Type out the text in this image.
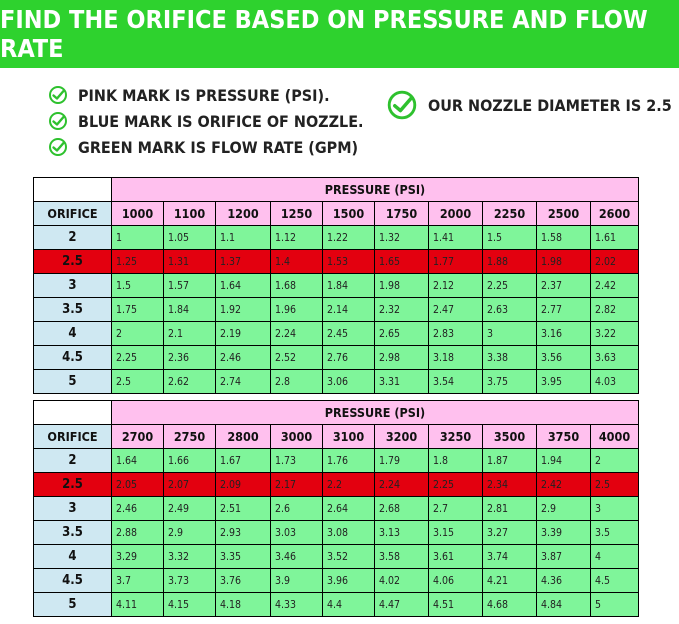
FIND THE ORIFICE BASED ON PRESSURE AND FLOW RATE
PINK MARK IS PRESSURE (PSI).
BLUE MARK IS ORIFICE OF NOZZLE.
GREEN MARK IS FLOW RATE (GPM)
OUR NOZZLE DIAMETER IS 2.5
	PRESSURE (PSI)									
ORIFICE	1000	1100	1200	1250	1500	1750	2000	2250	2500	2600
2	1	1.05	1.1	1.12	1.22	1.32	1.41	1.5	1.58	1.61
2.5	1.25	1.31	1.37	1.4	1.53	1.65	1.77	1.88	1.98	2.02
3	1.5	1.57	1.64	1.68	1.84	1.98	2.12	2.25	2.37	2.42
3.5	1.75	1.84	1.92	1.96	2.14	2.32	2.47	2.63	2.77	2.82
4	2	2.1	2.19	2.24	2.45	2.65	2.83	3	3.16	3.22
4.5	2.25	2.36	2.46	2.52	2.76	2.98	3.18	3.38	3.56	3.63
5	2.5	2.62	2.74	2.8	3.06	3.31	3.54	3.75	3.95	4.03
	PRESSURE (PSI)									
ORIFICE	2700	2750	2800	3000	3100	3200	3250	3500	3750	4000
2	1.64	1.66	1.67	1.73	1.76	1.79	1.8	1.87	1.94	2
2.5	2.05	2.07	2.09	2.17	2.2	2.24	2.25	2.34	2.42	2.5
3	2.46	2.49	2.51	2.6	2.64	2.68	2.7	2.81	2.9	3
3.5	2.88	2.9	2.93	3.03	3.08	3.13	3.15	3.27	3.39	3.5
4	3.29	3.32	3.35	3.46	3.52	3.58	3.61	3.74	3.87	4
4.5	3.7	3.73	3.76	3.9	3.96	4.02	4.06	4.21	4.36	4.5
5	4.11	4.15	4.18	4.33	4.4	4.47	4.51	4.68	4.84	5
